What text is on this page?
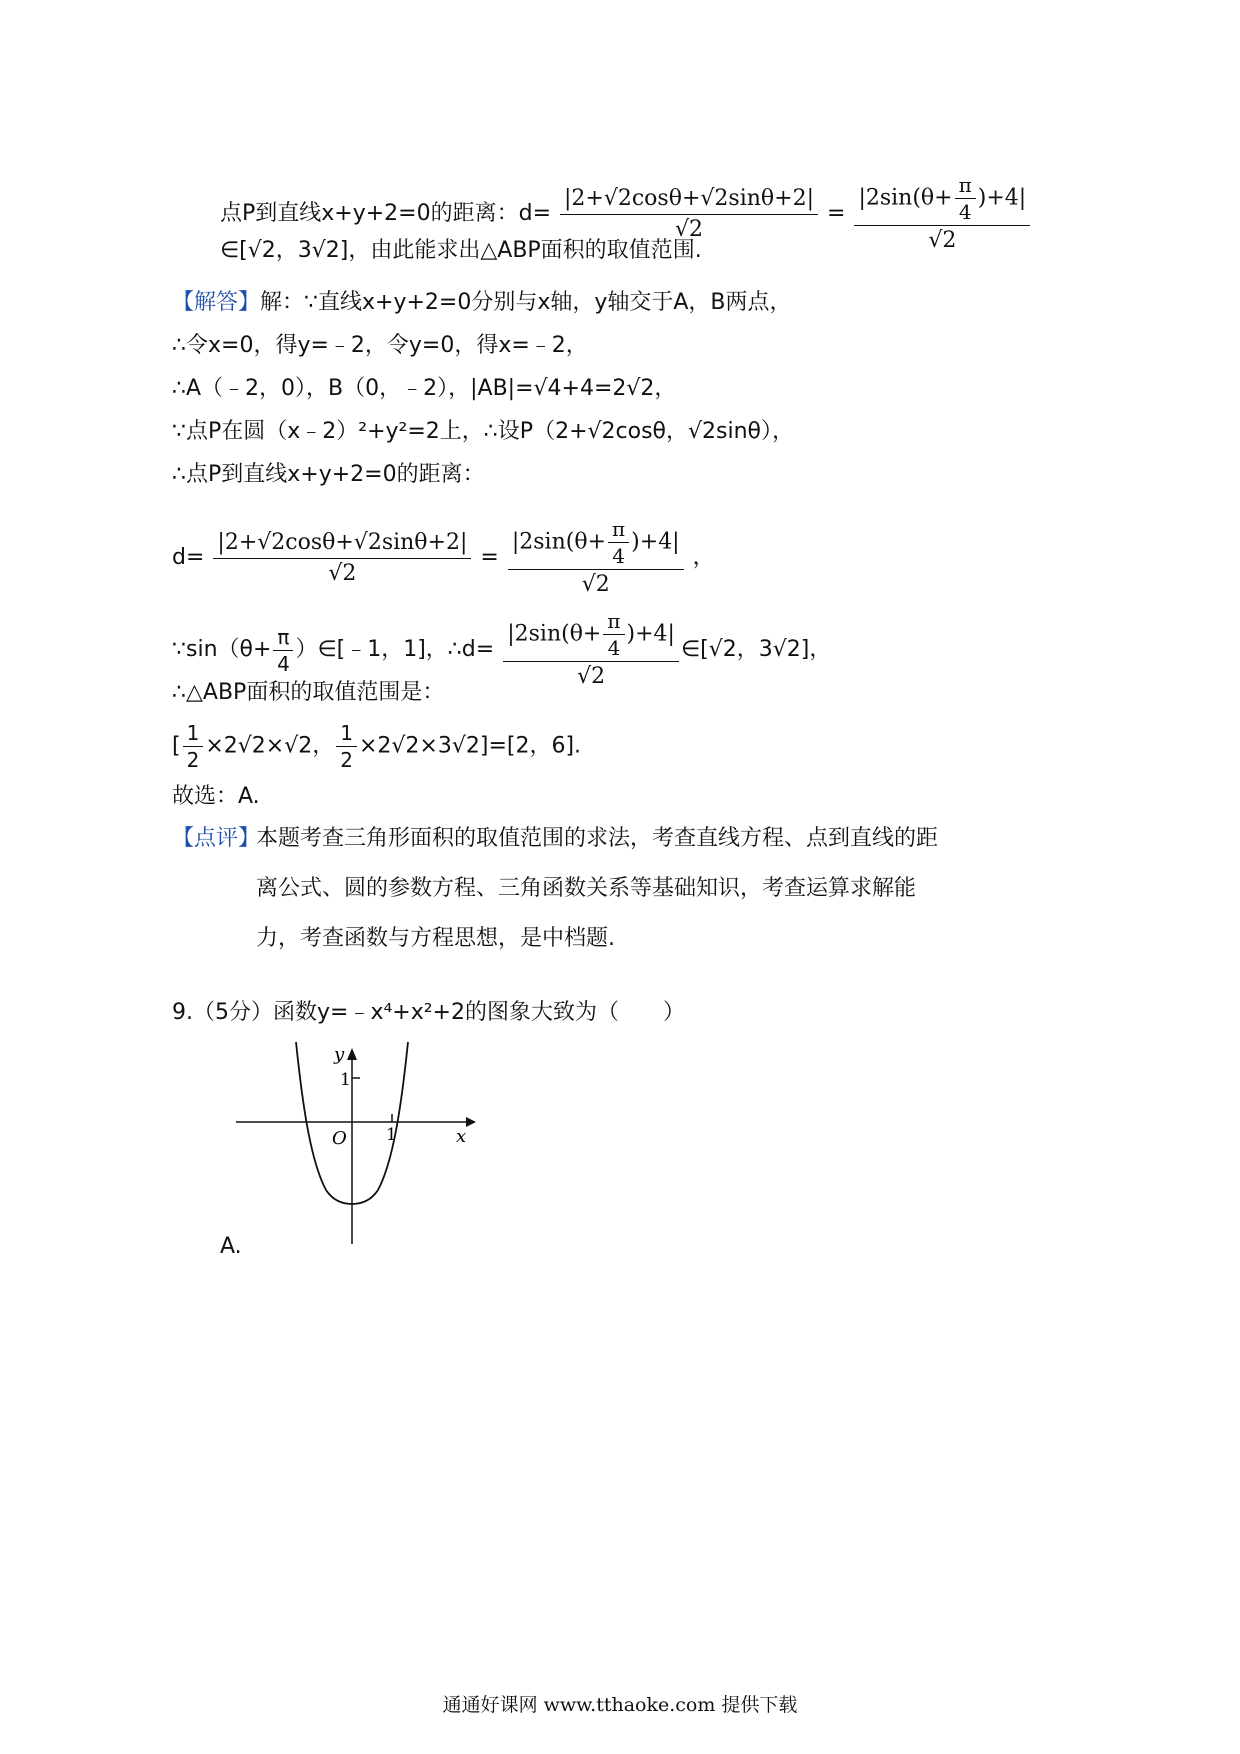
点P到直线x+y+2=0的距离：$d= \frac{|2+√2\cos\theta+√2\sin\theta+2|}{√2} = \frac{|2\sin(\theta+ \frac{\pi}{4} )+4|}{√2}$
∈[√2，3√2]，由此能求出△ABP面积的取值范围.
【解答】解：∵直线x+y+2=0分别与x轴，y轴交于A，B两点，
∴令x=0，得y=﹣2，令y=0，得x=﹣2，
∴A（﹣2，0），B（0，﹣2），|AB|=√4+4=2√2，
∵点P在圆（x﹣2）²+y²=2上，∴设P（2+√2cosθ，√2sinθ），
∴点P到直线x+y+2=0的距离：
$d= \frac{|2+√2\cos\theta+√2\sin\theta+2|}{√2} = \frac{|2\sin(\theta+ \frac{\pi}{4} )+4|}{√2}$ ，
∵sin（θ+ $\frac{\pi}{4}$ ）∈[﹣1，1]，∴d= $\frac{|2\sin(\theta+ \frac{\pi}{4} )+4|}{√2}$ ∈[√2，3√2]，
∴△ABP面积的取值范围是：
[ $\frac{1}{2} \times 2√2\times√2$， $\frac{1}{2} \times 2√2\times 3√2]=[2$，6].
故选：A.
【点评】
本题考查三角形面积的取值范围的求法，考查直线方程、点到直线的距离公式、圆的参数方程、三角函数关系等基础知识，考查运算求解能力，考查函数与方程思想，是中档题.
9.（5分）函数y=﹣x⁴+x²+2的图象大致为（　　）
y
x
O
1
1
A.
通通好课网 www.tthaoke.com 提供下载
